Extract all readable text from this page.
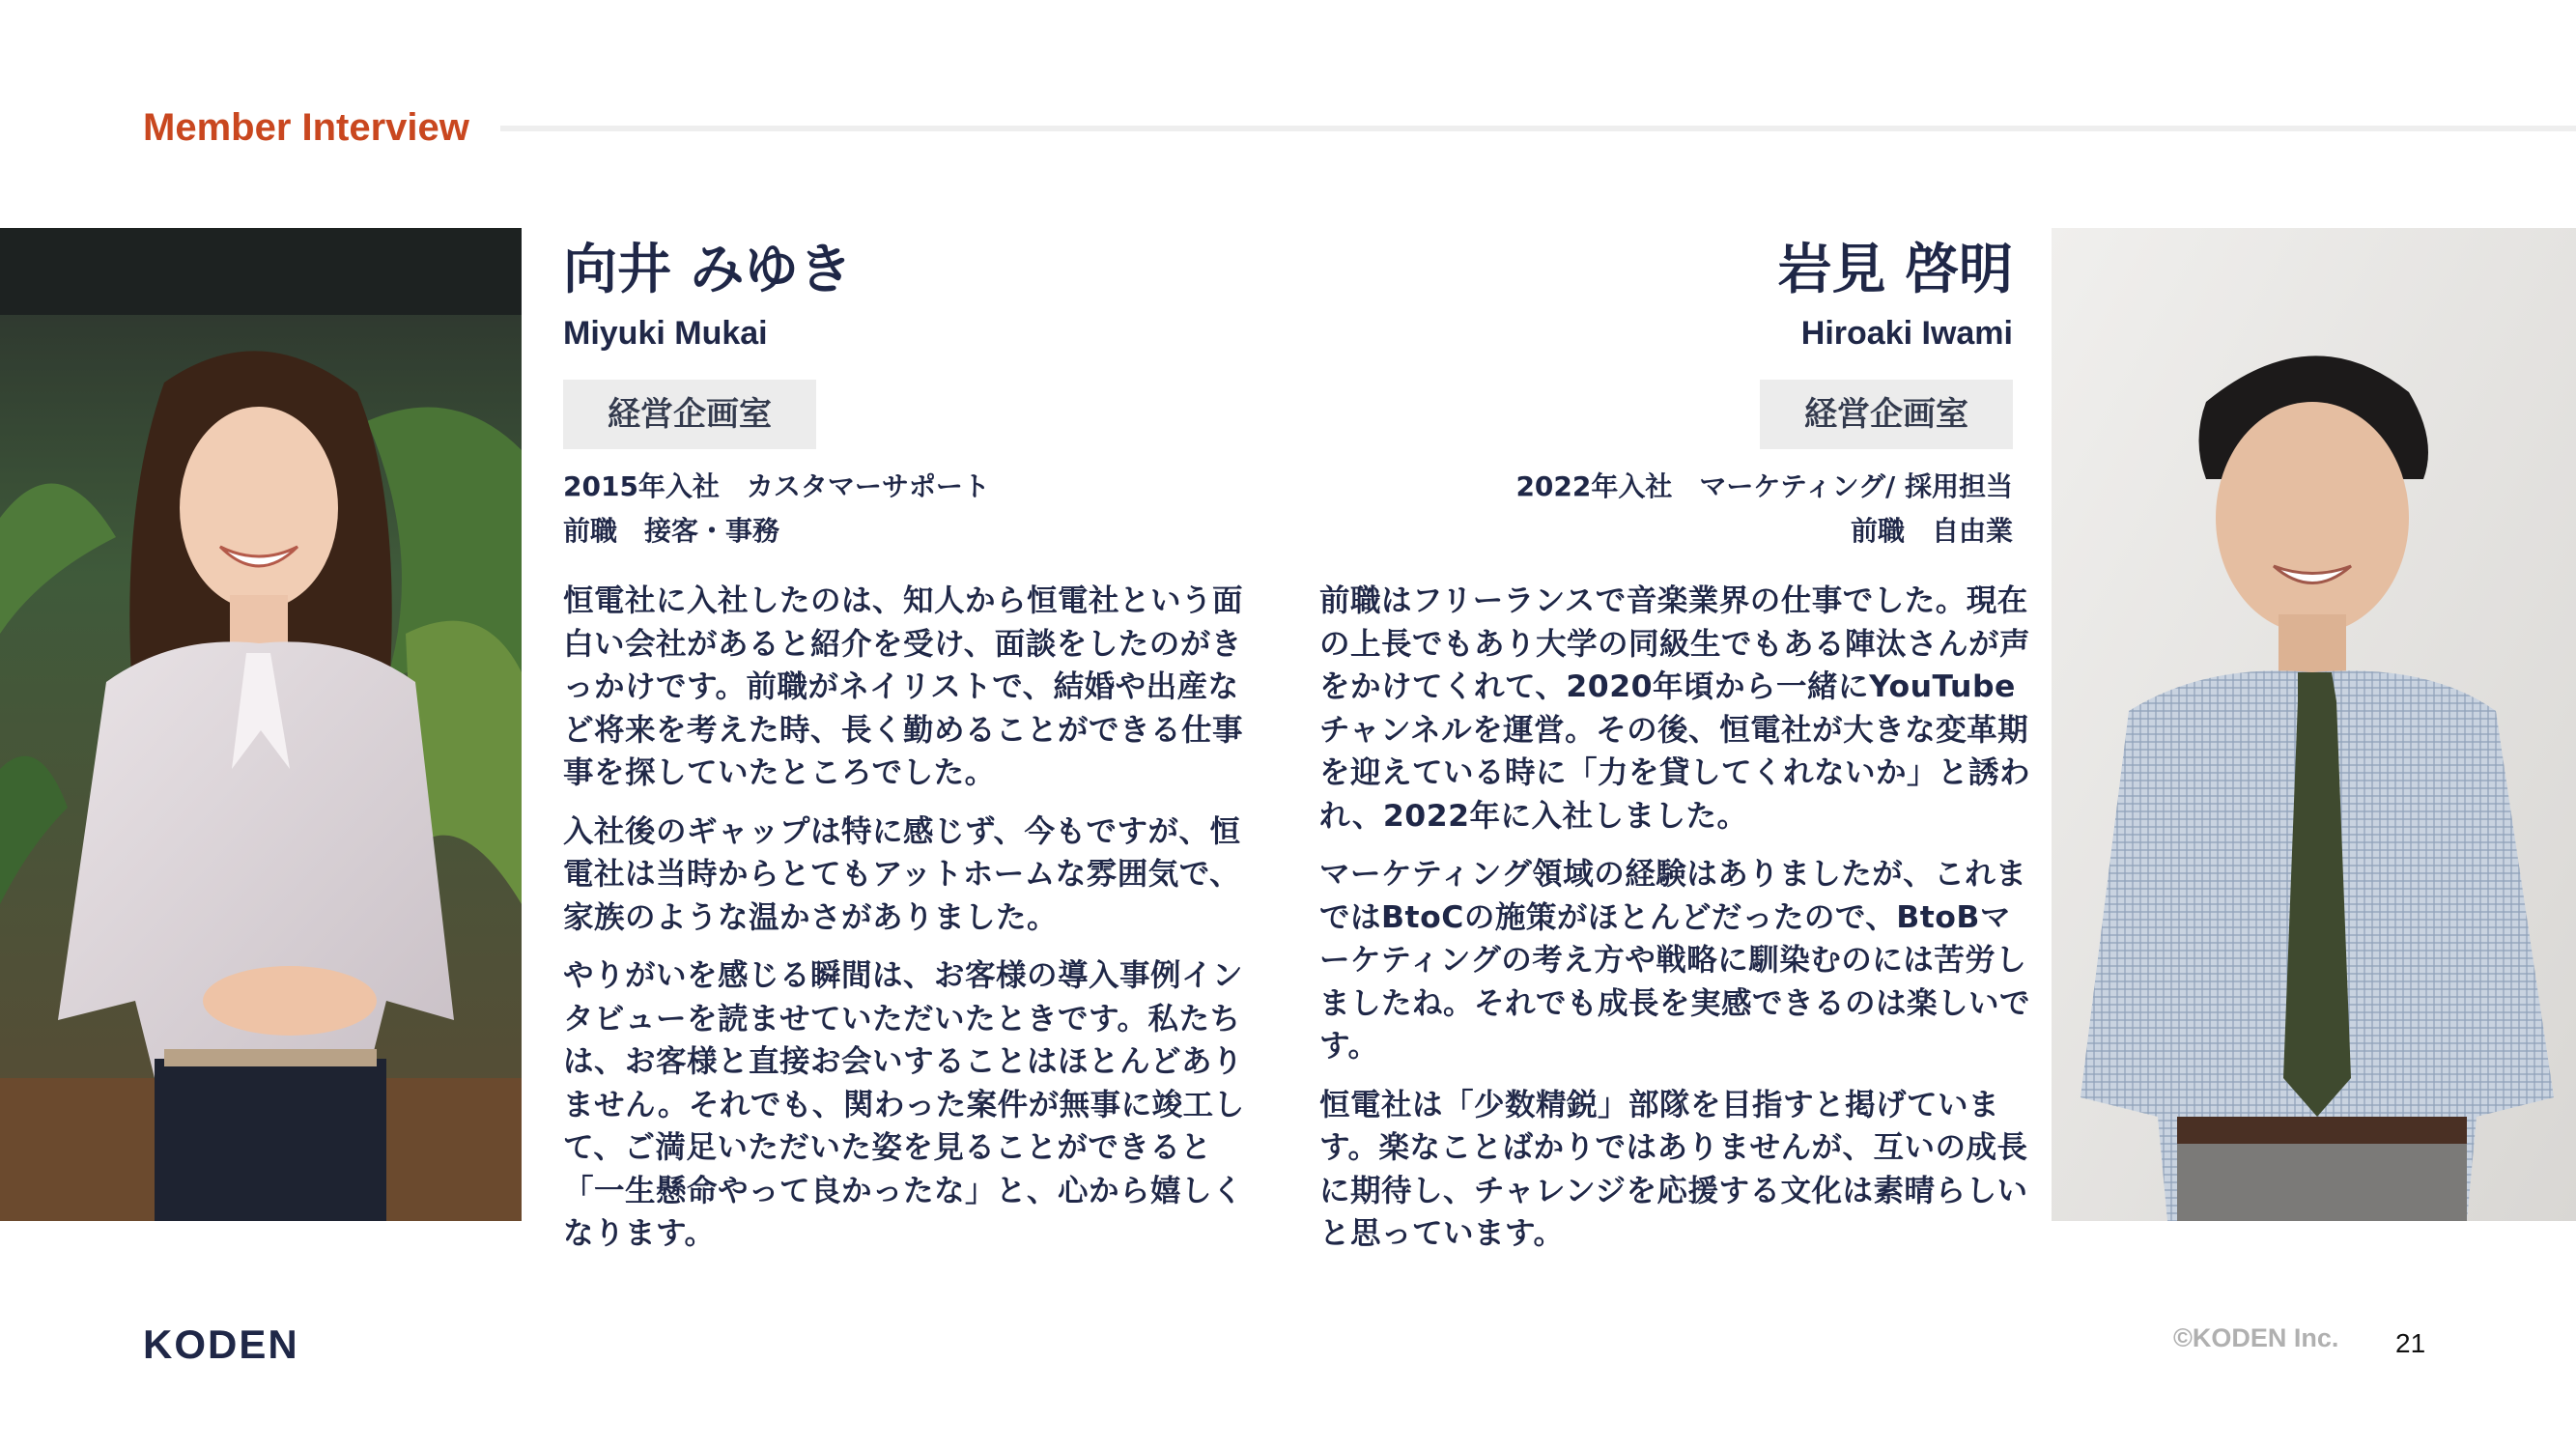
Member Interview
向井 みゆき
Miyuki Mukai
経営企画室
2015年入社　カスタマーサポート
前職　接客・事務

恒電社に入社したのは、知人から恒電社という面白い会社があると紹介を受け、面談をしたのがきっかけです。前職がネイリストで、結婚や出産など将来を考えた時、長く勤めることができる仕事事を探していたところでした。

入社後のギャップは特に感じず、今もですが、恒電社は当時からとてもアットホームな雰囲気で、家族のような温かさがありました。

やりがいを感じる瞬間は、お客様の導入事例インタビューを読ませていただいたときです。私たちは、お客様と直接お会いすることはほとんどありません。それでも、関わった案件が無事に竣工して、ご満足いただいた姿を見ることができると「一生懸命やって良かったな」と、心から嬉しくなります。

岩見 啓明
Hiroaki Iwami
経営企画室
2022年入社　マーケティング/ 採用担当
前職　自由業

前職はフリーランスで音楽業界の仕事でした。現在の上長でもあり大学の同級生でもある陣汰さんが声をかけてくれて、2020年頃から一緒にYouTubeチャンネルを運営。その後、恒電社が大きな変革期を迎えている時に「力を貸してくれないか」と誘われ、2022年に入社しました。

マーケティング領域の経験はありましたが、これまではBtoCの施策がほとんどだったので、BtoBマーケティングの考え方や戦略に馴染むのには苦労しましたね。それでも成長を実感できるのは楽しいです。

恒電社は「少数精鋭」部隊を目指すと掲げています。楽なことばかりではありませんが、互いの成長に期待し、チャレンジを応援する文化は素晴らしいと思っています。

KODEN	©KODEN Inc. 21
